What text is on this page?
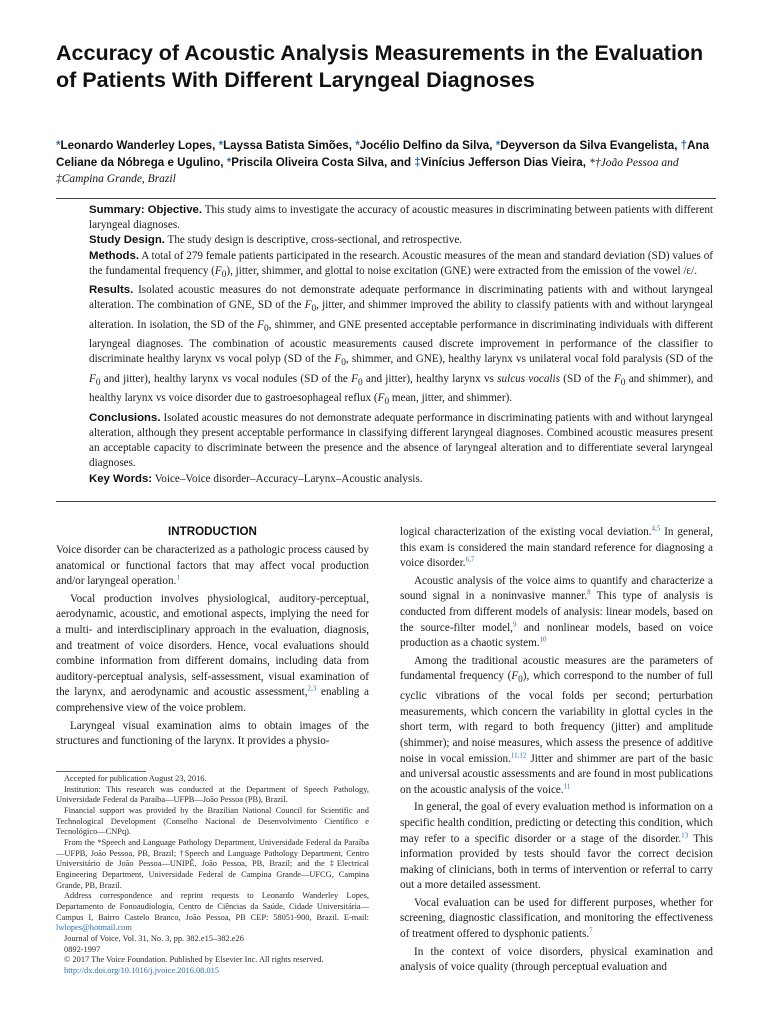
Accuracy of Acoustic Analysis Measurements in the Evaluation of Patients With Different Laryngeal Diagnoses

*Leonardo Wanderley Lopes, *Layssa Batista Simões, *Jocélio Delfino da Silva, *Deyverson da Silva Evangelista, †Ana Celiane da Nóbrega e Ugulino, *Priscila Oliveira Costa Silva, and ‡Vinícius Jefferson Dias Vieira, *†João Pessoa and ‡Campina Grande, Brazil

Summary: Objective. This study aims to investigate the accuracy of acoustic measures in discriminating between patients with different laryngeal diagnoses.

Study Design. The study design is descriptive, cross-sectional, and retrospective.

Methods. A total of 279 female patients participated in the research. Acoustic measures of the mean and standard deviation (SD) values of the fundamental frequency $(F_0)$, jitter, shimmer, and glottal to noise excitation (GNE) were extracted from the emission of the vowel /ε/.

Results. Isolated acoustic measures do not demonstrate adequate performance in discriminating patients with and without laryngeal alteration. The combination of GNE, SD of the $F_0$, jitter, and shimmer improved the ability to classify patients with and without laryngeal alteration. In isolation, the SD of the $F_0$, shimmer, and GNE presented acceptable performance in discriminating individuals with different laryngeal diagnoses. The combination of acoustic measurements caused discrete improvement in performance of the classifier to discriminate healthy larynx vs vocal polyp (SD of the $F_0$, shimmer, and GNE), healthy larynx vs unilateral vocal fold paralysis (SD of the $F_0$ and jitter), healthy larynx vs vocal nodules (SD of the $F_0$ and jitter), healthy larynx vs sulcus vocalis (SD of the $F_0$ and shimmer), and healthy larynx vs voice disorder due to gastroesophageal reflux ($F_0$ mean, jitter, and shimmer).

Conclusions. Isolated acoustic measures do not demonstrate adequate performance in discriminating patients with and without laryngeal alteration, although they present acceptable performance in classifying different laryngeal diagnoses. Combined acoustic measures present an acceptable capacity to discriminate between the presence and the absence of laryngeal alteration and to differentiate several laryngeal diagnoses.

Key Words: Voice–Voice disorder–Accuracy–Larynx–Acoustic analysis.

INTRODUCTION

Voice disorder can be characterized as a pathologic process caused by anatomical or functional factors that may affect vocal production and/or laryngeal operation.$^1$

Vocal production involves physiological, auditory-perceptual, aerodynamic, acoustic, and emotional aspects, implying the need for a multi- and interdisciplinary approach in the evaluation, diagnosis, and treatment of voice disorders. Hence, vocal evaluations should combine information from different domains, including data from auditory-perceptual analysis, self-assessment, visual examination of the larynx, and aerodynamic and acoustic assessment,$^{2,3}$ enabling a comprehensive view of the voice problem.

Laryngeal visual examination aims to obtain images of the structures and functioning of the larynx. It provides a physio-

logical characterization of the existing vocal deviation.$^{4,5}$ In general, this exam is considered the main standard reference for diagnosing a voice disorder.$^{6,7}$

Acoustic analysis of the voice aims to quantify and characterize a sound signal in a noninvasive manner.$^8$ This type of analysis is conducted from different models of analysis: linear models, based on the source-filter model,$^9$ and nonlinear models, based on voice production as a chaotic system.$^{10}$

Among the traditional acoustic measures are the parameters of fundamental frequency $(F_0)$, which correspond to the number of full cyclic vibrations of the vocal folds per second; perturbation measurements, which concern the variability in glottal cycles in the short term, with regard to both frequency (jitter) and amplitude (shimmer); and noise measures, which assess the presence of additive noise in vocal emission.$^{11,12}$ Jitter and shimmer are part of the basic and universal acoustic assessments and are found in most publications on the acoustic analysis of the voice.$^{11}$

In general, the goal of every evaluation method is information on a specific health condition, predicting or detecting this condition, which may refer to a specific disorder or a stage of the disorder.$^{13}$ This information provided by tests should favor the correct decision making of clinicians, both in terms of intervention or referral to carry out a more detailed assessment.

Vocal evaluation can be used for different purposes, whether for screening, diagnostic classification, and monitoring the effectiveness of treatment offered to dysphonic patients.$^7$

In the context of voice disorders, physical examination and analysis of voice quality (through perceptual evaluation and

Accepted for publication August 23, 2016.

Institution: This research was conducted at the Department of Speech Pathology, Universidade Federal da Paraíba—UFPB—João Pessoa (PB), Brazil.

Financial support was provided by the Brazilian National Council for Scientific and Technological Development (Conselho Nacional de Desenvolvimento Científico e Tecnológico—CNPq).

From the *Speech and Language Pathology Department, Universidade Federal da Paraíba—UFPB, João Pessoa, PB, Brazil; †Speech and Language Pathology Department, Centro Universitário de João Pessoa—UNIPÊ, João Pessoa, PB, Brazil; and the ‡Electrical Engineering Department, Universidade Federal de Campina Grande—UFCG, Campina Grande, PB, Brazil.

Address correspondence and reprint requests to Leonardo Wanderley Lopes, Departamento de Fonoaudiologia, Centro de Ciências da Saúde, Cidade Universitária—Campus I, Bairro Castelo Branco, João Pessoa, PB CEP: 58051-900, Brazil. E-mail: lwlopes@hotmail.com

Journal of Voice, Vol. 31, No. 3, pp. 382.e15–382.e26

0892-1997

© 2017 The Voice Foundation. Published by Elsevier Inc. All rights reserved.

http://dx.doi.org/10.1016/j.jvoice.2016.08.015
